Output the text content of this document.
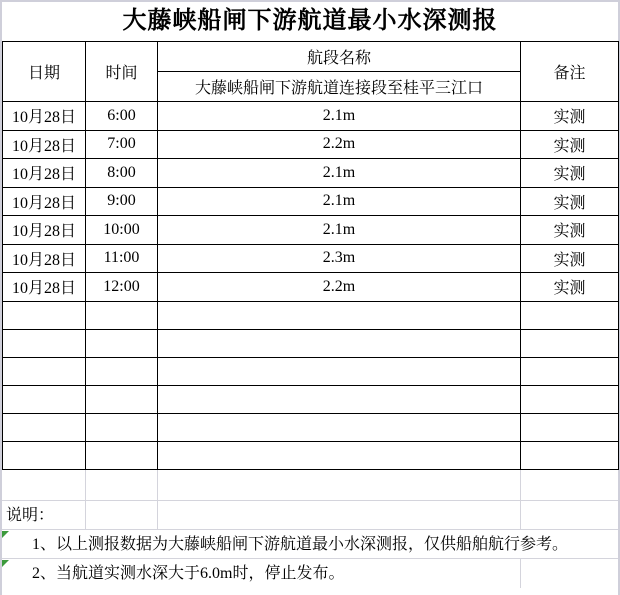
大藤峡船闸下游航道最小水深测报
日期	时间	航段名称	备注
		大藤峡船闸下游航道连接段至桂平三江口	
10月28日	6:00	2.1m	实测
10月28日	7:00	2.2m	实测
10月28日	8:00	2.1m	实测
10月28日	9:00	2.1m	实测
10月28日	10:00	2.1m	实测
10月28日	11:00	2.3m	实测
10月28日	12:00	2.2m	实测

说明：
1、以上测报数据为大藤峡船闸下游航道最小水深测报，仅供船舶航行参考。
2、当航道实测水深大于6.0m时，停止发布。
